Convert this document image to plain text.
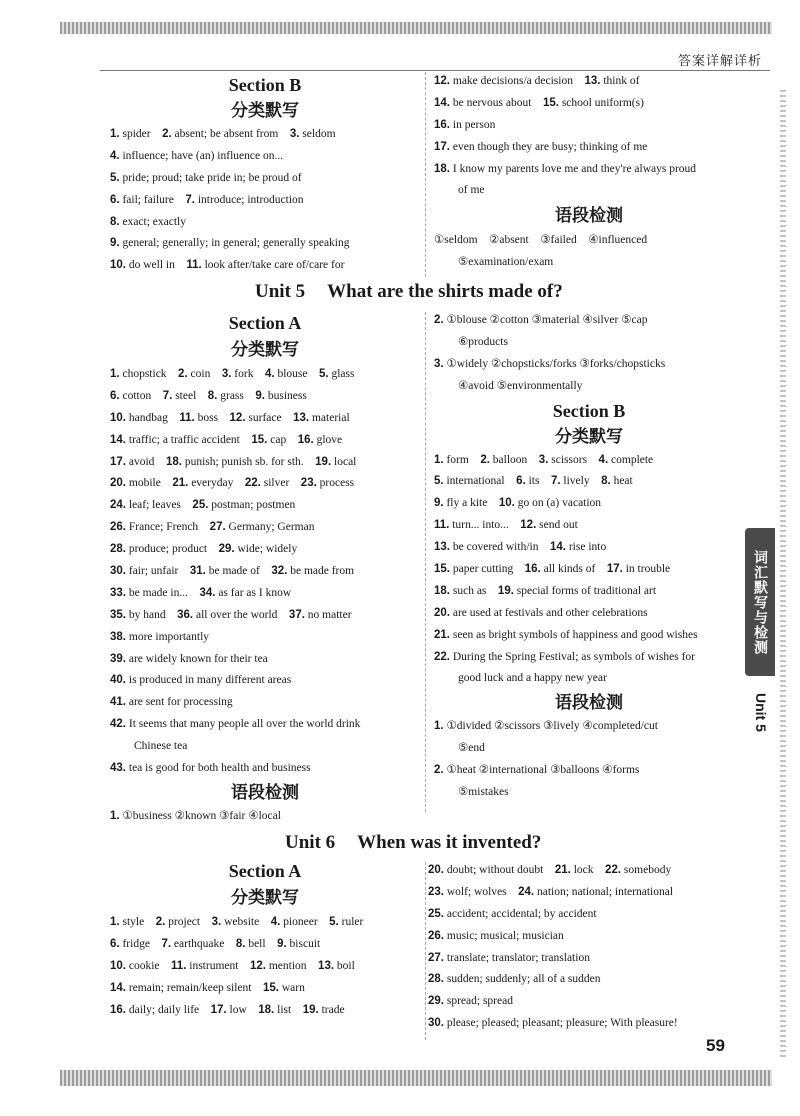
答案详解详析
Section B
分类默写
1. spider  2. absent; be absent from  3. seldom
4. influence; have (an) influence on...
5. pride; proud; take pride in; be proud of
6. fail; failure  7. introduce; introduction
8. exact; exactly
9. general; generally; in general; generally speaking
10. do well in  11. look after/take care of/care for
12. make decisions/a decision  13. think of
14. be nervous about  15. school uniform(s)
16. in person
17. even though they are busy; thinking of me
18. I know my parents love me and they're always proud
of me
语段检测
①seldom  ②absent  ③failed  ④influenced
⑤examination/exam
Unit 5 What are the shirts made of?
Section A
分类默写
1. chopstick  2. coin  3. fork  4. blouse  5. glass
6. cotton  7. steel  8. grass  9. business
10. handbag  11. boss  12. surface  13. material
14. traffic; a traffic accident  15. cap  16. glove
17. avoid  18. punish; punish sb. for sth.  19. local
20. mobile  21. everyday  22. silver  23. process
24. leaf; leaves  25. postman; postmen
26. France; French  27. Germany; German
28. produce; product  29. wide; widely
30. fair; unfair  31. be made of  32. be made from
33. be made in...  34. as far as I know
35. by hand  36. all over the world  37. no matter
38. more importantly
39. are widely known for their tea
40. is produced in many different areas
41. are sent for processing
42. It seems that many people all over the world drink
Chinese tea
43. tea is good for both health and business
语段检测
1. ①business ②known ③fair ④local
2. ①blouse ②cotton ③material ④silver ⑤cap
⑥products
3. ①widely ②chopsticks/forks ③forks/chopsticks
④avoid ⑤environmentally
Section B
分类默写
1. form  2. balloon  3. scissors  4. complete
5. international  6. its  7. lively  8. heat
9. fly a kite  10. go on (a) vacation
11. turn... into...  12. send out
13. be covered with/in  14. rise into
15. paper cutting  16. all kinds of  17. in trouble
18. such as  19. special forms of traditional art
20. are used at festivals and other celebrations
21. seen as bright symbols of happiness and good wishes
22. During the Spring Festival; as symbols of wishes for
good luck and a happy new year
语段检测
1. ①divided ②scissors ③lively ④completed/cut
⑤end
2. ①heat ②international ③balloons ④forms
⑤mistakes
Unit 6 When was it invented?
Section A
分类默写
1. style  2. project  3. website  4. pioneer  5. ruler
6. fridge  7. earthquake  8. bell  9. biscuit
10. cookie  11. instrument  12. mention  13. boil
14. remain; remain/keep silent  15. warn
16. daily; daily life  17. low  18. list  19. trade
20. doubt; without doubt  21. lock  22. somebody
23. wolf; wolves  24. nation; national; international
25. accident; accidental; by accident
26. music; musical; musician
27. translate; translator; translation
28. sudden; suddenly; all of a sudden
29. spread; spread
30. please; pleased; pleasant; pleasure; With pleasure!
59
词汇默写与检测
Unit 5
